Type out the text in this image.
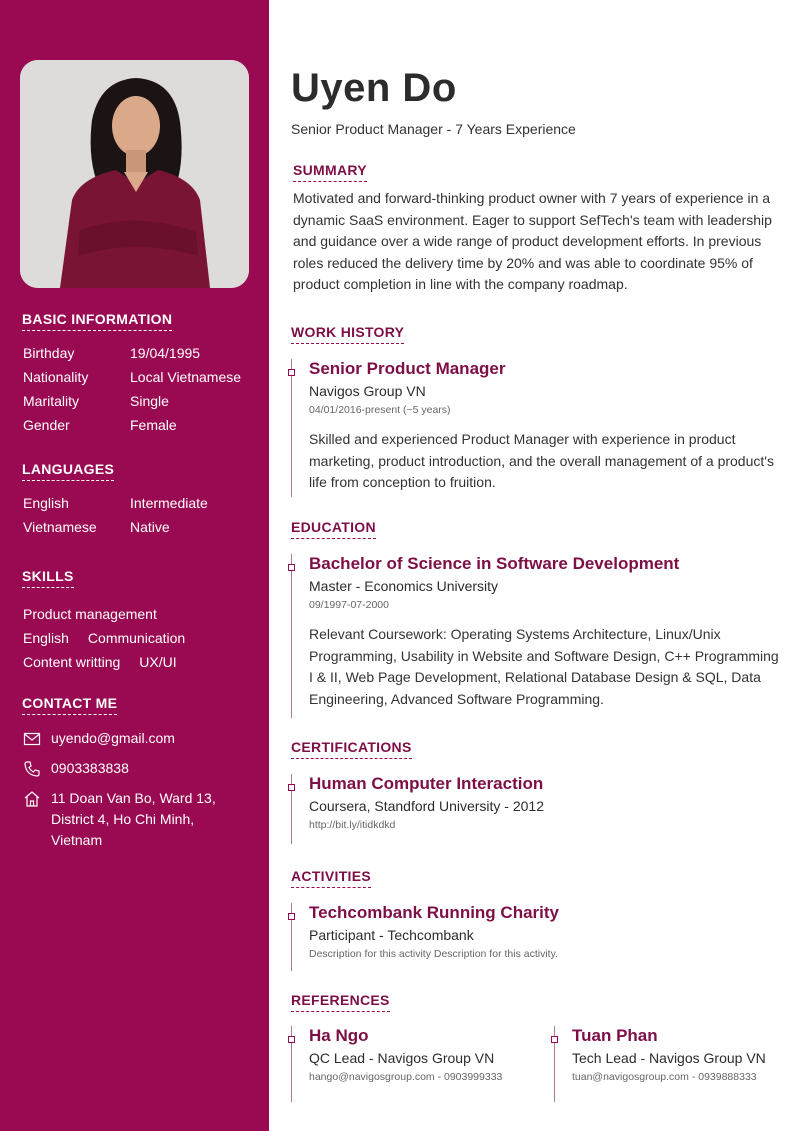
BASIC INFORMATION
Birthday	19/04/1995
Nationality	Local Vietnamese
Maritality	Single
Gender	Female
LANGUAGES
English	Intermediate
Vietnamese	Native
SKILLS
Product management
English Communication
Content writting UX/UI
CONTACT ME
uyendo@gmail.com
0903383838
11 Doan Van Bo, Ward 13,
District 4, Ho Chi Minh,
Vietnam
Uyen Do
Senior Product Manager - 7 Years Experience
SUMMARY
Motivated and forward-thinking product owner with 7 years of experience in a dynamic SaaS environment. Eager to support SefTech's team with leadership and guidance over a wide range of product development efforts. In previous roles reduced the delivery time by 20% and was able to coordinate 95% of product completion in line with the company roadmap.
WORK HISTORY
Senior Product Manager
Navigos Group VN
04/01/2016-present (~5 years)
Skilled and experienced Product Manager with experience in product marketing, product introduction, and the overall management of a product's life from conception to fruition.
EDUCATION
Bachelor of Science in Software Development
Master - Economics University
09/1997-07-2000
Relevant Coursework: Operating Systems Architecture, Linux/Unix Programming, Usability in Website and Software Design, C++ Programming I & II, Web Page Development, Relational Database Design & SQL, Data Engineering, Advanced Software Programming.
CERTIFICATIONS
Human Computer Interaction
Coursera, Standford University - 2012
http://bit.ly/itidkdkd
ACTIVITIES
Techcombank Running Charity
Participant - Techcombank
Description for this activity Description for this activity.
REFERENCES
Ha Ngo
QC Lead - Navigos Group VN
hango@navigosgroup.com - 0903999333
Tuan Phan
Tech Lead - Navigos Group VN
tuan@navigosgroup.com - 0939888333
